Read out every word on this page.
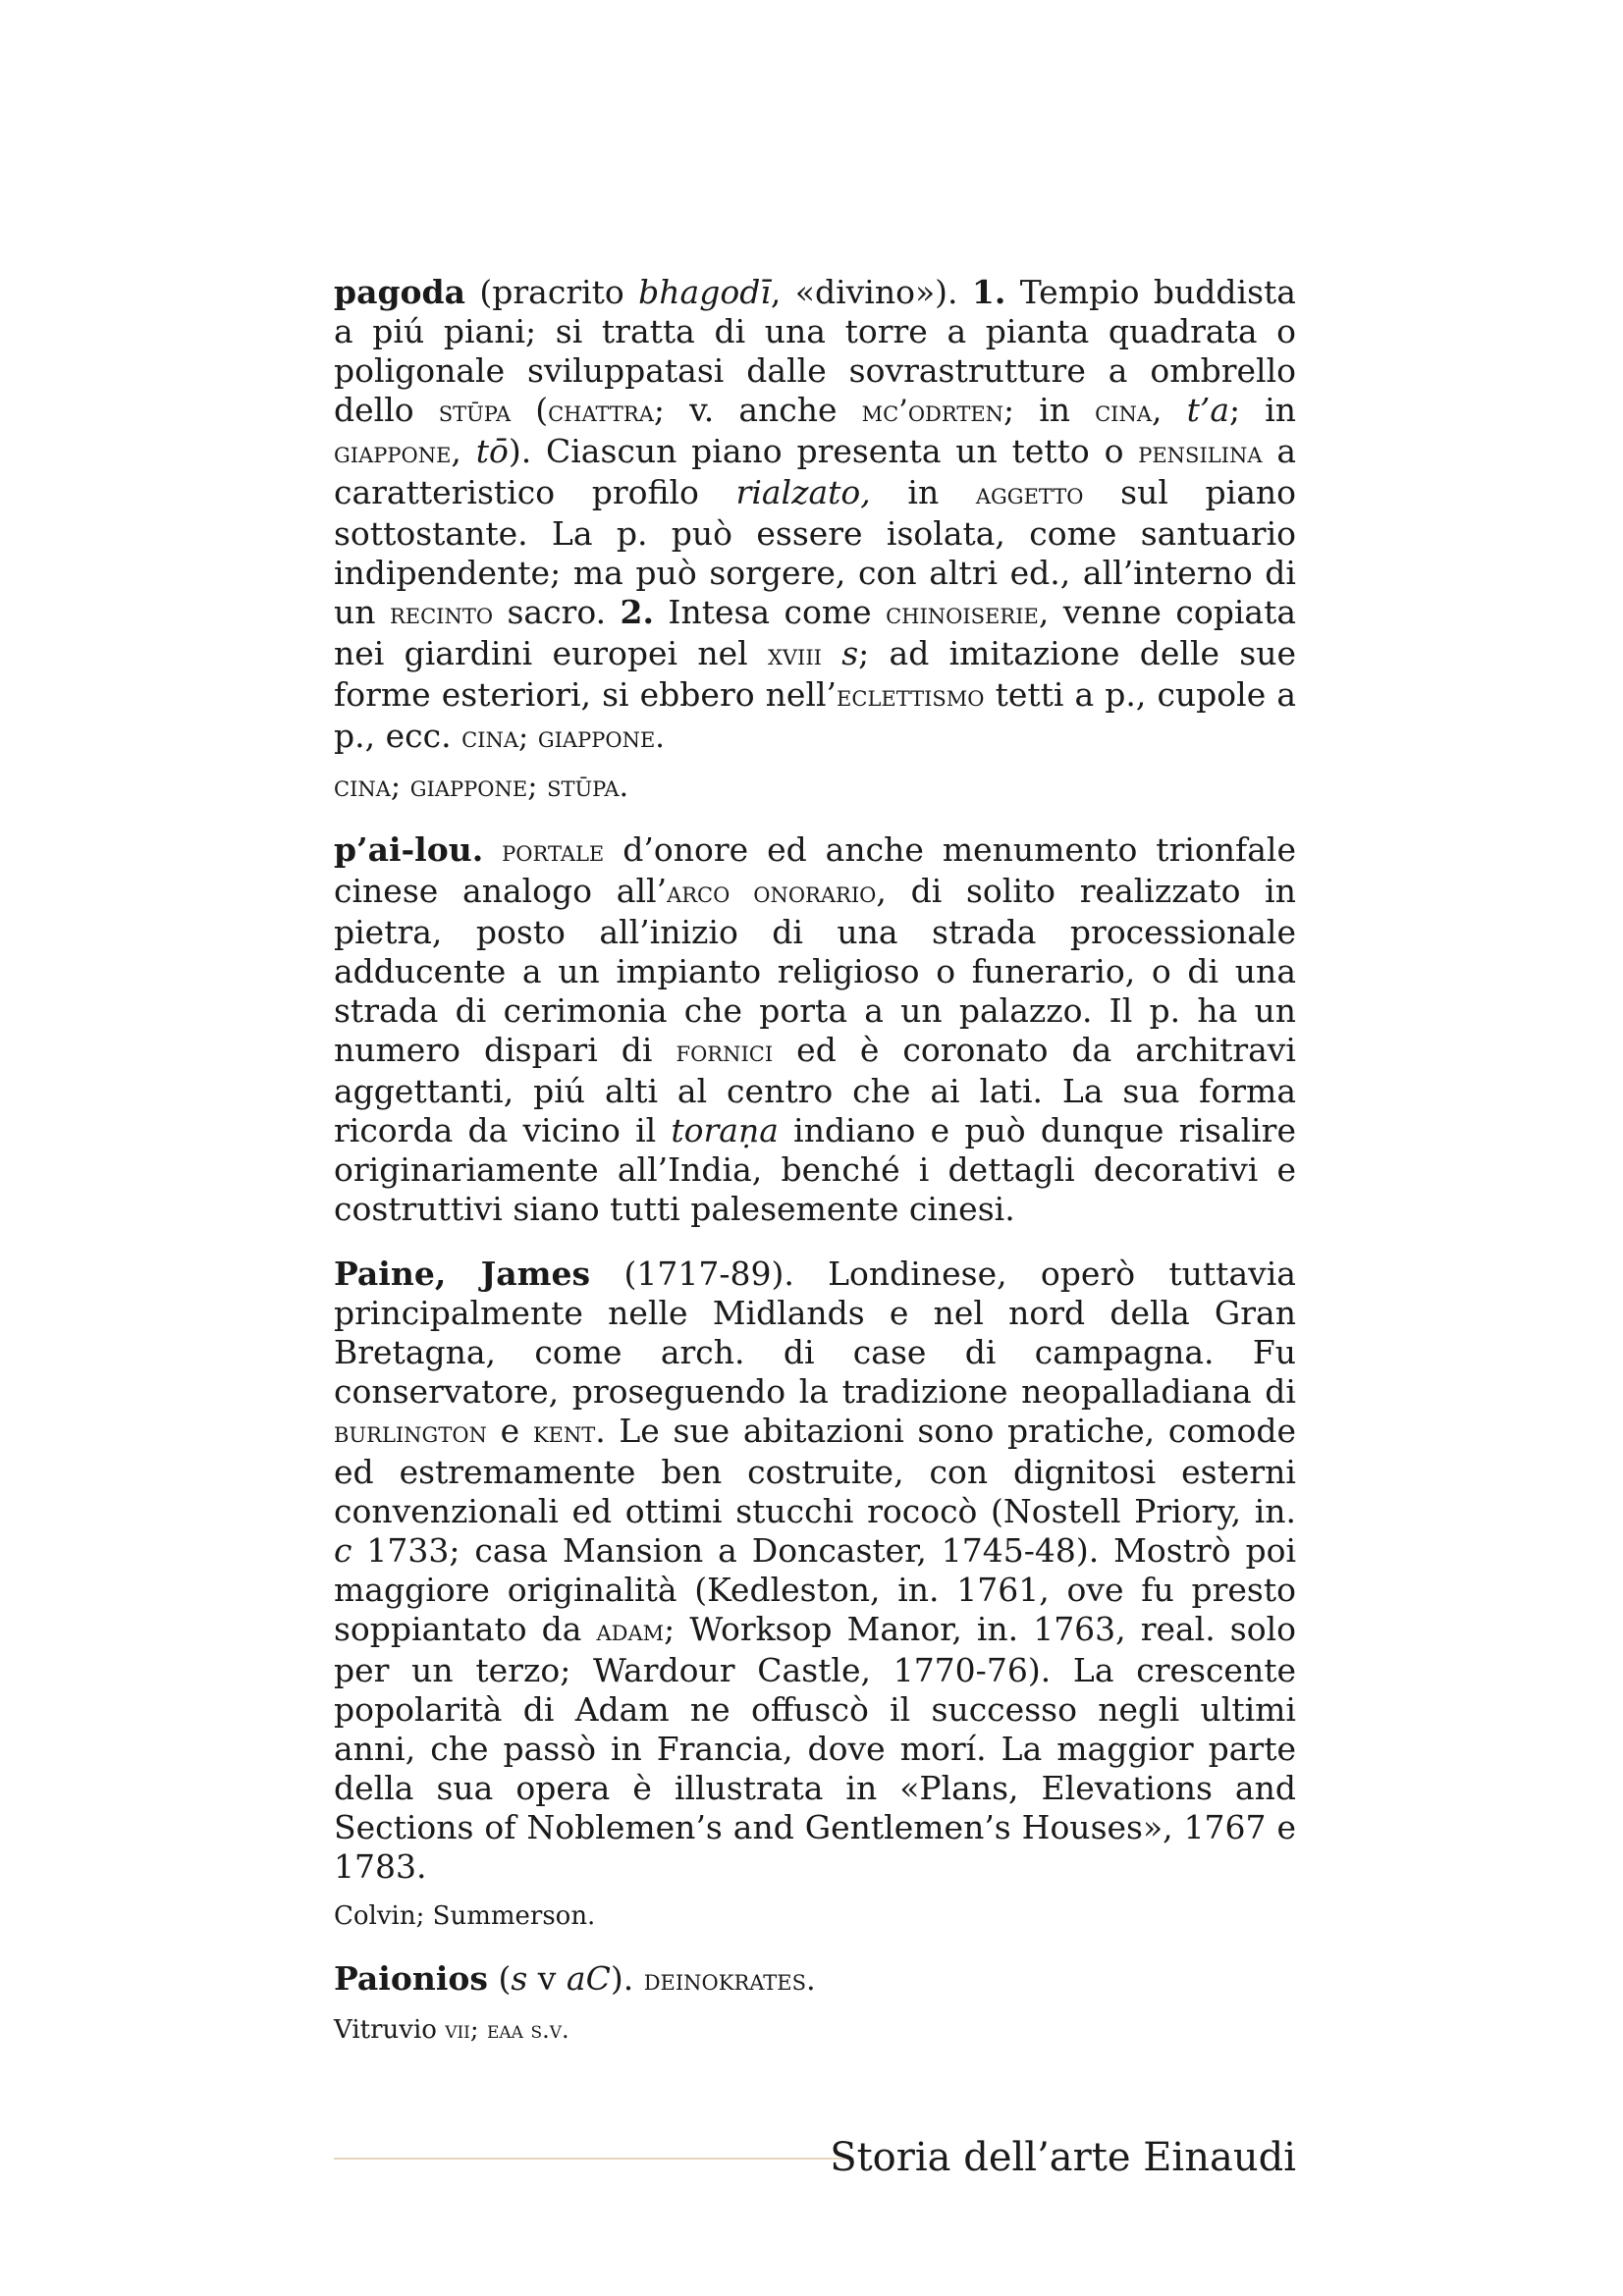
pagoda (pracrito bhagodī, «divino»). 1. Tempio buddista a piú piani; si tratta di una torre a pianta quadrata o poligonale sviluppatasi dalle sovrastrutture a ombrello dello stūpa (chattra; v. anche mc’odrten; in cina, t’a; in giappone, tō). Ciascun piano presenta un tetto o pensilina a caratteristico profilo rialzato, in aggetto sul piano sottostante. La p. può essere isolata, come santuario indipendente; ma può sorgere, con altri ed., all’interno di un recinto sacro. 2. Intesa come chinoiserie, venne copiata nei giardini europei nel xviii s; ad imitazione delle sue forme esteriori, si ebbero nell’eclettismo tetti a p., cupole a p., ecc. cina; giappone.

cina; giappone; stūpa.

p’ai-lou. portale d’onore ed anche menumento trionfale cinese analogo all’arco onorario, di solito realizzato in pietra, posto all’inizio di una strada processionale adducente a un impianto religioso o funerario, o di una strada di cerimonia che porta a un palazzo. Il p. ha un numero dispari di fornici ed è coronato da architravi aggettanti, piú alti al centro che ai lati. La sua forma ricorda da vicino il toraṇa indiano e può dunque risalire originariamente all’India, benché i dettagli decorativi e costruttivi siano tutti palesemente cinesi.

Paine, James (1717-89). Londinese, operò tuttavia principalmente nelle Midlands e nel nord della Gran Bretagna, come arch. di case di campagna. Fu conservatore, proseguendo la tradizione neopalladiana di burlington e kent. Le sue abitazioni sono pratiche, comode ed estremamente ben costruite, con dignitosi esterni convenzionali ed ottimi stucchi rococò (Nostell Priory, in. c 1733; casa Mansion a Doncaster, 1745-48). Mostrò poi maggiore originalità (Kedleston, in. 1761, ove fu presto soppiantato da adam; Worksop Manor, in. 1763, real. solo per un terzo; Wardour Castle, 1770-76). La crescente popolarità di Adam ne offuscò il successo negli ultimi anni, che passò in Francia, dove morí. La maggior parte della sua opera è illustrata in «Plans, Elevations and Sections of Noblemen’s and Gentlemen’s Houses», 1767 e 1783.

Colvin; Summerson.

Paionios (s v aC). deinokrates.

Vitruvio vii; eaa s.v.

Storia dell’arte Einaudi
